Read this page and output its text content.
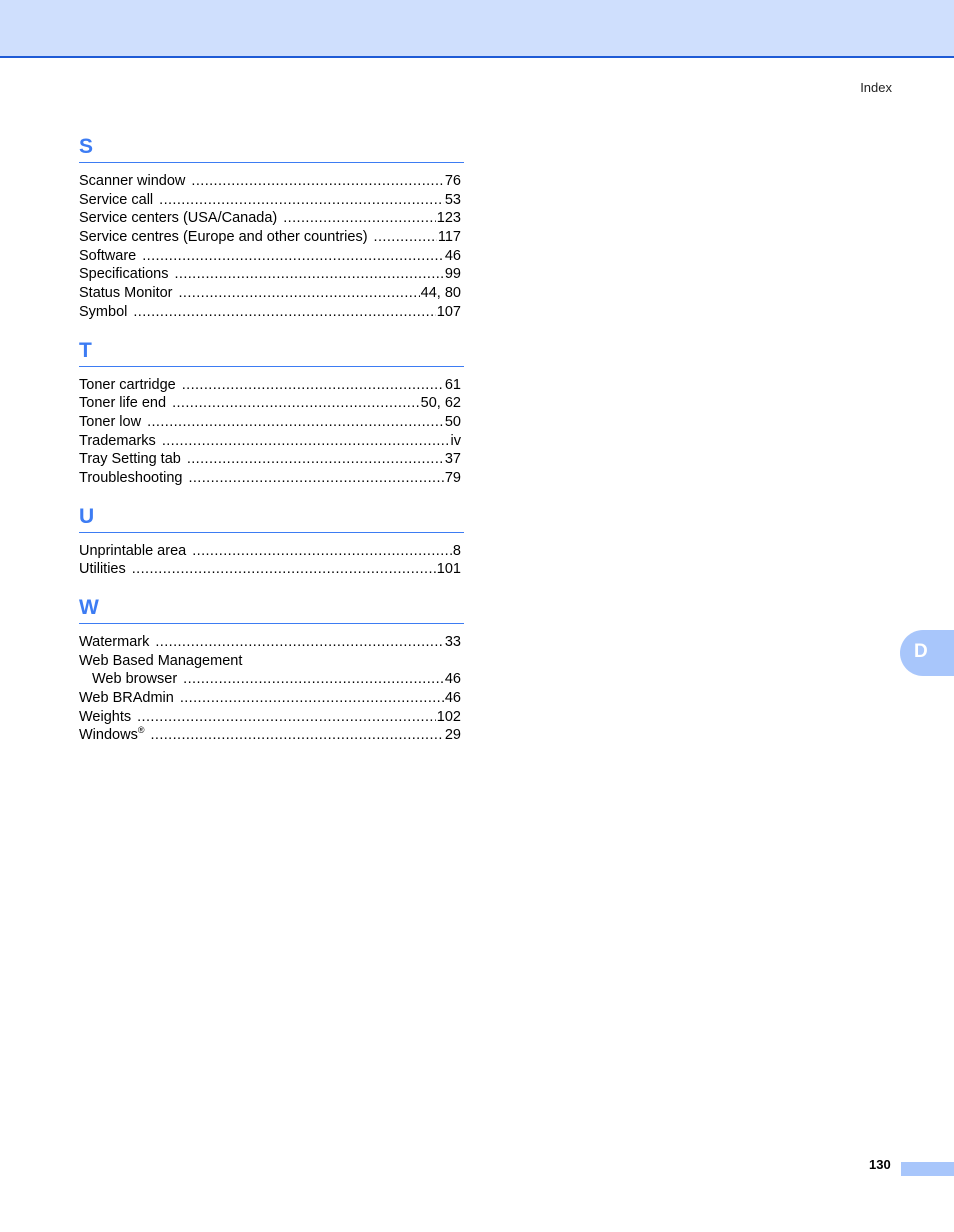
Index
S
Scanner window .....	76
Service call .....	53
Service centers (USA/Canada) .....	123
Service centres (Europe and other countries) .....	117
Software .....	46
Specifications .....	99
Status Monitor .....	44, 80
Symbol .....	107
T
Toner cartridge .....	61
Toner life end .....	50, 62
Toner low .....	50
Trademarks .....	iv
Tray Setting tab .....	37
Troubleshooting .....	79
U
Unprintable area .....	8
Utilities .....	101
W
Watermark .....	33
Web Based Management
Web browser .....	46
Web BRAdmin .....	46
Weights .....	102
Windows® .....	29
D
130
